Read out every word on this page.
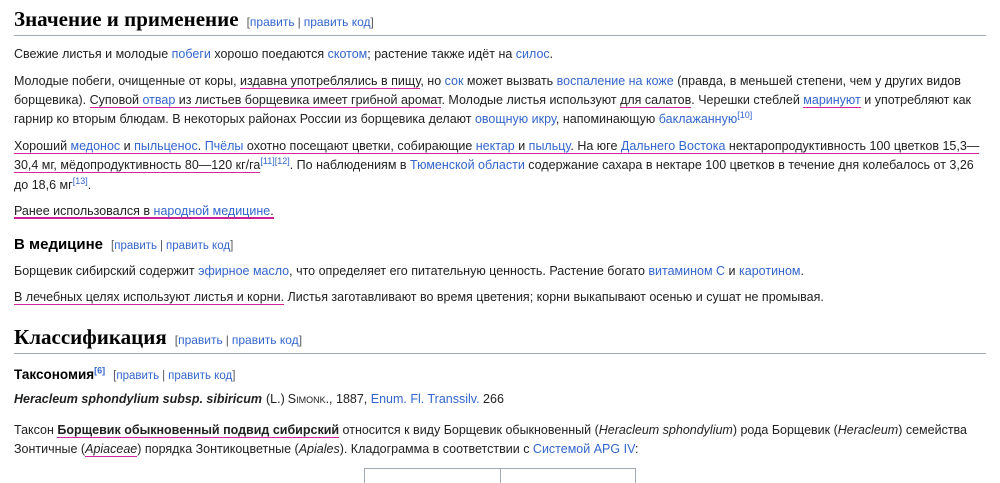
Значение и применение [править | править код]

Свежие листья и молодые побеги хорошо поедаются скотом; растение также идёт на силос.

Молодые побеги, очищенные от коры, издавна употреблялись в пищу, но сок может вызвать воспаление на коже (правда, в меньшей степени, чем у других видов борщевика). Суповой отвар из листьев борщевика имеет грибной аромат. Молодые листья используют для салатов. Черешки стеблей маринуют и употребляют как гарнир ко вторым блюдам. В некоторых районах России из борщевика делают овощную икру, напоминающую баклажанную[10]

Хороший медонос и пыльценос. Пчёлы охотно посещают цветки, собирающие нектар и пыльцу. На юге Дальнего Востока нектаропродуктивность 100 цветков 15,3—30,4 мг, мёдопродуктивность 80—120 кг/га[11][12]. По наблюдениям в Тюменской области содержание сахара в нектаре 100 цветков в течение дня колебалось от 3,26 до 18,6 мг[13].

Ранее использовался в народной медицине.

В медицине [править | править код]

Борщевик сибирский содержит эфирное масло, что определяет его питательную ценность. Растение богато витамином C и каротином.

В лечебных целях используют листья и корни. Листья заготавливают во время цветения; корни выкапывают осенью и сушат не промывая.

Классификация [править | править код]
Таксономия[6] [править | править код]

Heracleum sphondylium subsp. sibiricum (L.) Simonk., 1887, Enum. Fl. Transsilv. 266

Таксон Борщевик обыкновенный подвид сибирский относится к виду Борщевик обыкновенный (Heracleum sphondylium) рода Борщевик (Heracleum) семейства Зонтичные (Apiaceae) порядка Зонтикоцветные (Apiales). Кладограмма в соответствии с Системой APG IV:
